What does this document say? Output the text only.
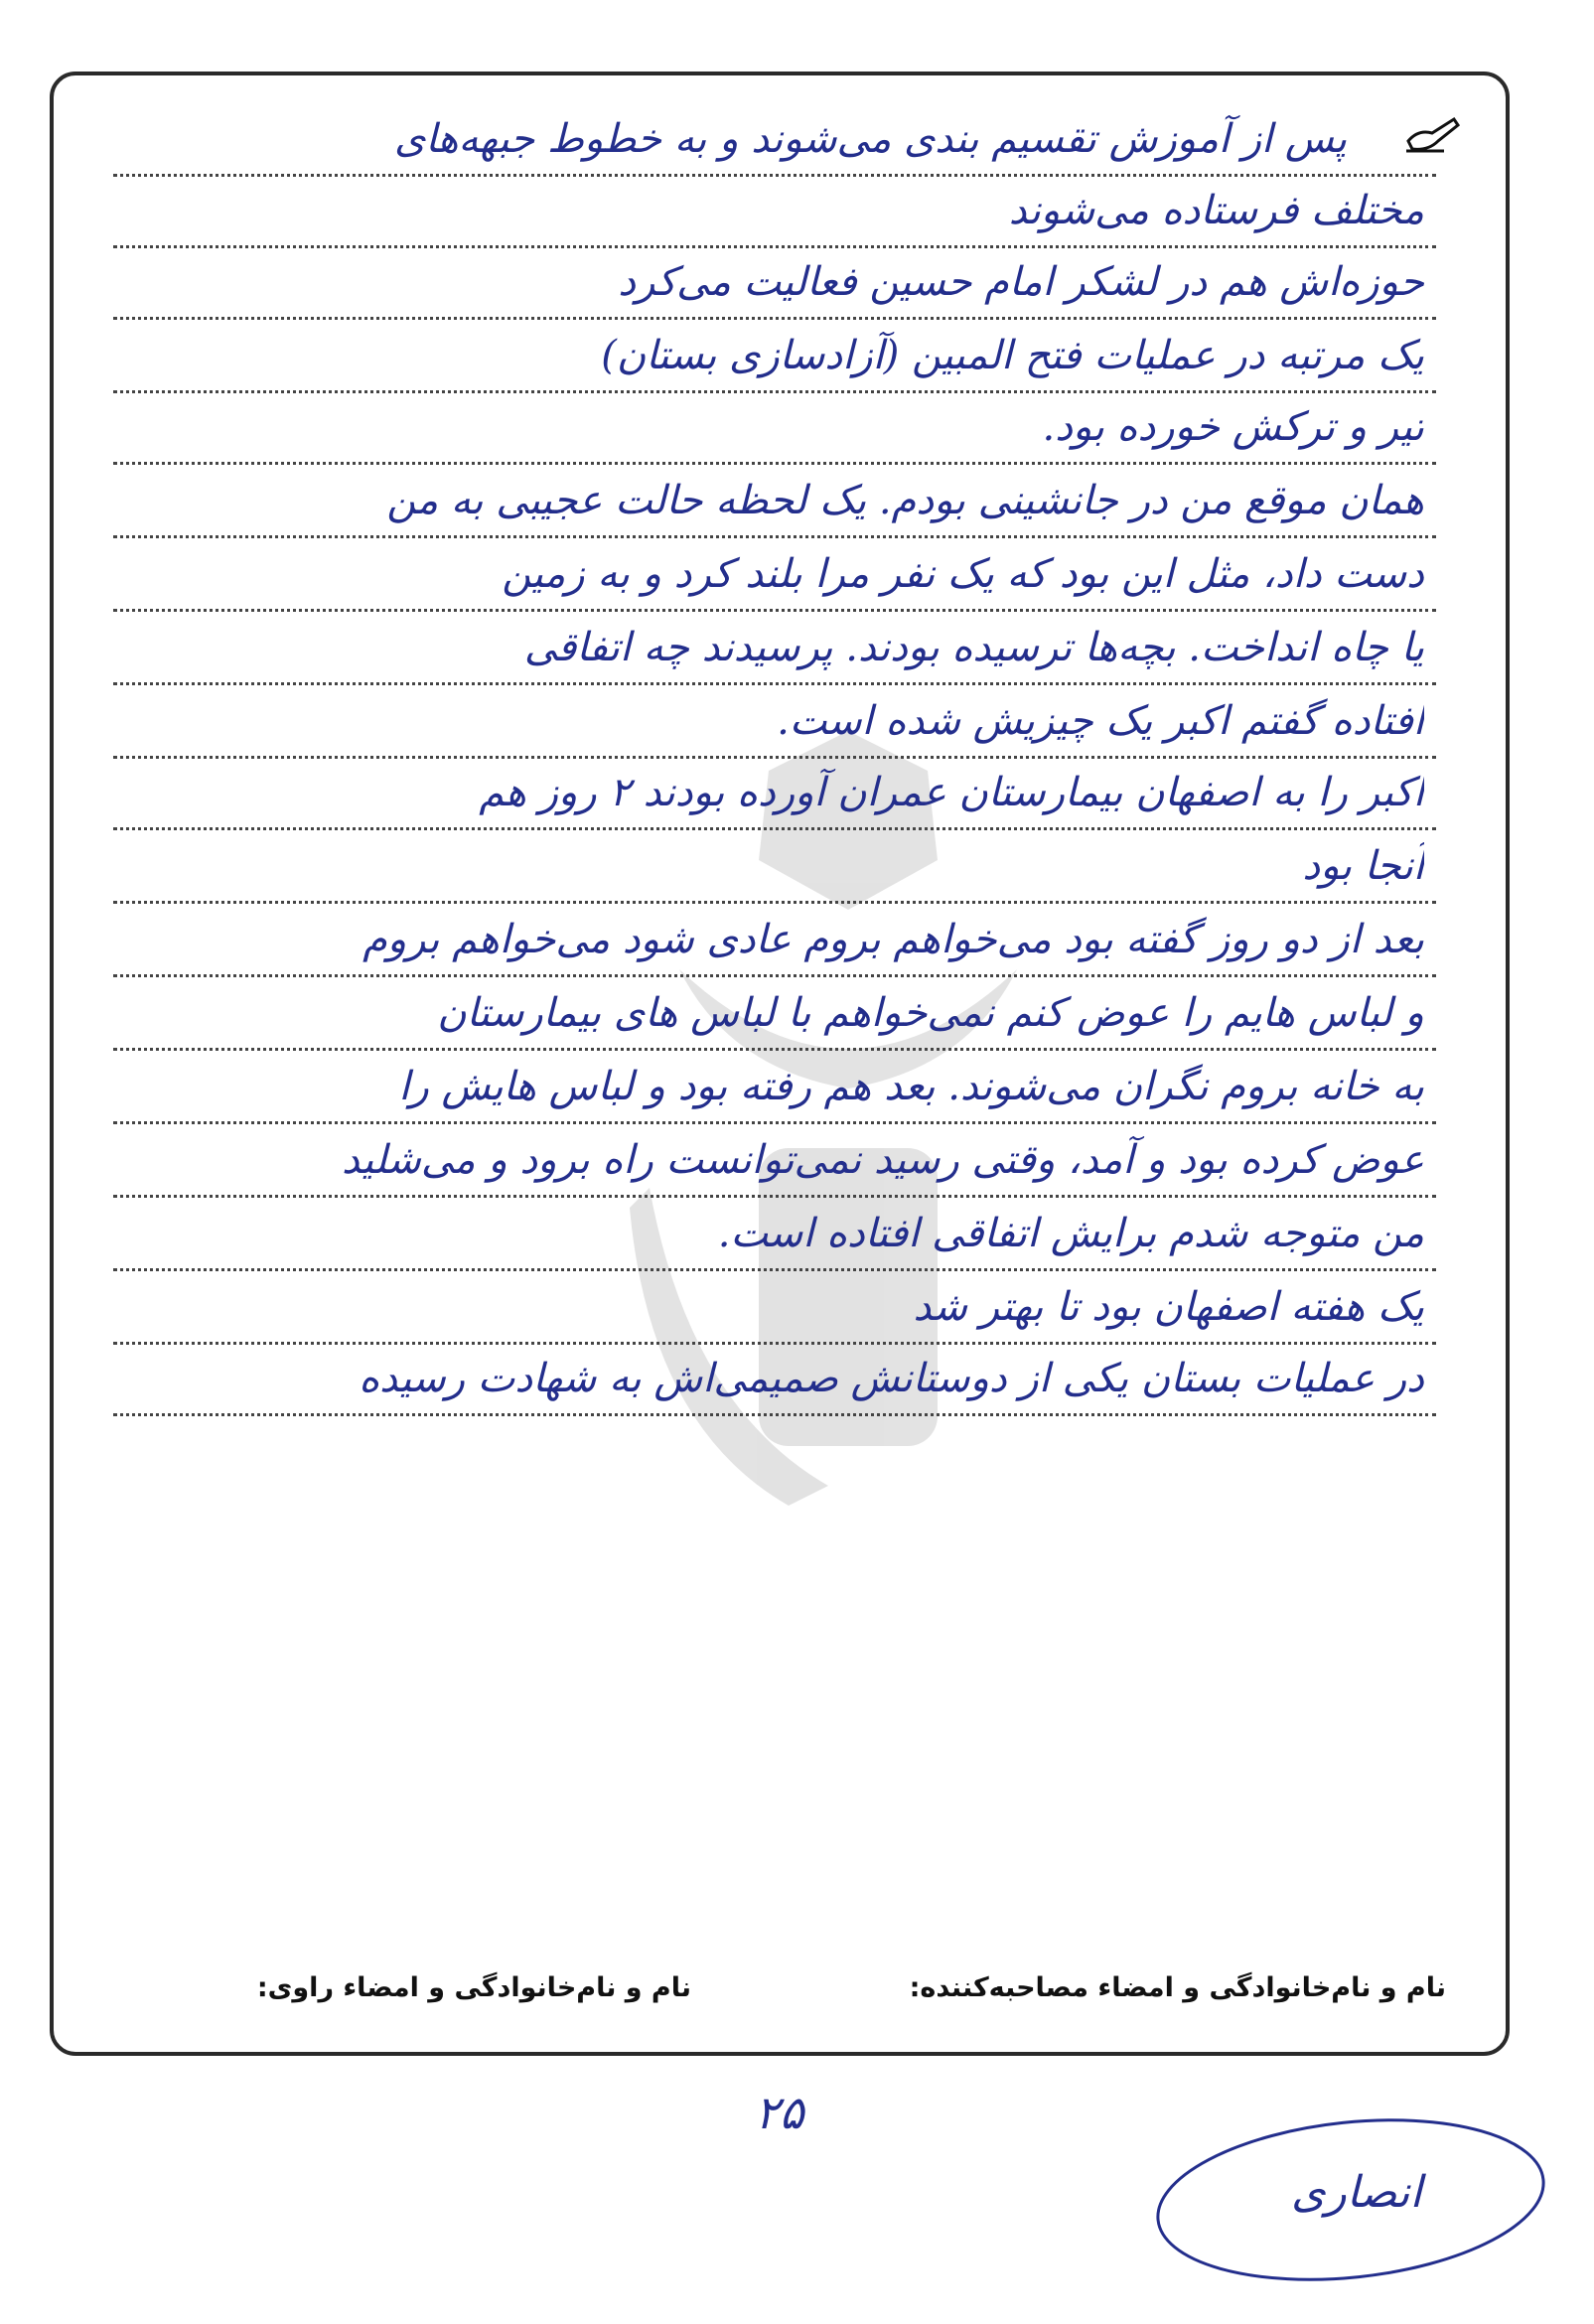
پس از آموزش تقسیم بندی می‌شوند و به خطوط جبهه‌های
مختلف فرستاده می‌شوند
حوزه‌اش هم در لشکر امام حسین فعالیت می‌کرد
یک مرتبه در عملیات فتح المبین (آزادسازی بستان)
تیر و ترکش خورده بود.
همان موقع من در جانشینی بودم. یک لحظه حالت عجیبی به من
دست داد، مثل این بود که یک نفر مرا بلند کرد و به زمین
یا چاه انداخت. بچه‌ها ترسیده بودند. پرسیدند چه اتفاقی
افتاده گفتم اکبر یک چیزیش شده است.
اکبر را به اصفهان بیمارستان عمران آورده بودند ۲ روز هم
آنجا بود
بعد از دو روز گفته بود می‌خواهم بروم عادی شود می‌خواهم بروم
و لباس هایم را عوض کنم نمی‌خواهم با لباس های بیمارستان
به خانه بروم نگران می‌شوند. بعد هم رفته بود و لباس هایش را
عوض کرده بود و آمد، وقتی رسید نمی‌توانست راه برود و می‌شلید
من متوجه شدم برایش اتفاقی افتاده است.
یک هفته اصفهان بود تا بهتر شد
در عملیات بستان یکی از دوستانش صمیمی‌اش به شهادت رسیده
نام و نام‌خانوادگی و امضاء مصاحبه‌کننده:
نام و نام‌خانوادگی و امضاء راوی:
۲۵
انصاری
